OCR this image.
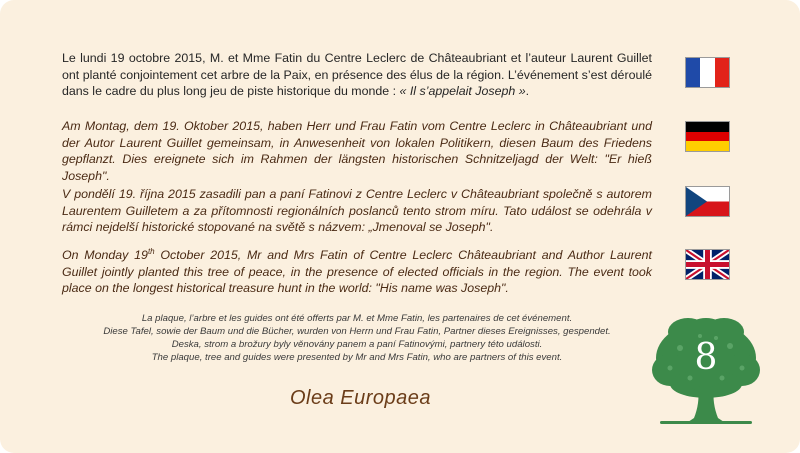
Le lundi 19 octobre 2015, M. et Mme Fatin du Centre Leclerc de Châteaubriant et l’auteur Laurent Guillet ont planté conjointement cet arbre de la Paix, en présence des élus de la région. L’événement s’est déroulé dans le cadre du plus long jeu de piste historique du monde : « Il s’appelait Joseph ».
Am Montag, dem 19. Oktober 2015, haben Herr und Frau Fatin vom Centre Leclerc in Châteaubriant und der Autor Laurent Guillet gemeinsam, in Anwesenheit von lokalen Politikern, diesen Baum des Friedens gepflanzt. Dies ereignete sich im Rahmen der längsten historischen Schnitzeljagd der Welt: "Er hieß Joseph".
V pondělí 19. října 2015 zasadili pan a paní Fatinovi z Centre Leclerc v Châteaubriant společně s autorem Laurentem Guilletem a za přítomnosti regionálních poslanců tento strom míru. Tato událost se odehrála v rámci nejdelší historické stopované na světě s názvem: „Jmenoval se Joseph".
On Monday 19th October 2015, Mr and Mrs Fatin of Centre Leclerc Châteaubriant and Author Laurent Guillet jointly planted this tree of peace, in the presence of elected officials in the region. The event took place on the longest historical treasure hunt in the world: "His name was Joseph".
La plaque, l’arbre et les guides ont été offerts par M. et Mme Fatin, les partenaires de cet événement.
Diese Tafel, sowie der Baum und die Bücher, wurden von Herrn und Frau Fatin, Partner dieses Ereignisses, gespendet.
Deska, strom a brožury byly věnovány panem a paní Fatinovými, partnery této události.
The plaque, tree and guides were presented by Mr and Mrs Fatin, who are partners of this event.
Olea Europaea
8
